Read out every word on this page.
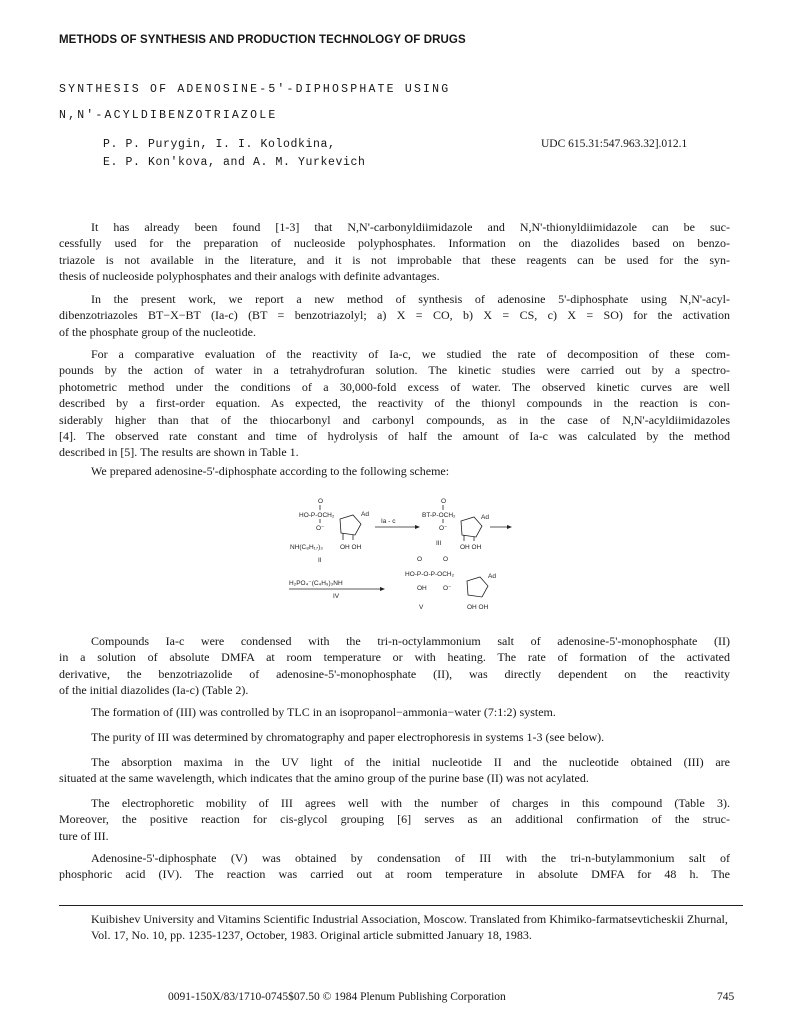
METHODS OF SYNTHESIS AND PRODUCTION TECHNOLOGY OF DRUGS
SYNTHESIS OF ADENOSINE-5'-DIPHOSPHATE USING
N,N'-ACYLDIBENZOTRIAZOLE
P. P. Purygin, I. I. Kolodkina,
E. P. Kon'kova, and A. M. Yurkevich
UDC 615.31:547.963.32].012.1
It has already been found [1-3] that N,N'-carbonyldiimidazole and N,N'-thionyldiimidazole can be suc-
cessfully used for the preparation of nucleoside polyphosphates. Information on the diazolides based on benzo-
triazole is not available in the literature, and it is not improbable that these reagents can be used for the syn-
thesis of nucleoside polyphosphates and their analogs with definite advantages.
In the present work, we report a new method of synthesis of adenosine 5'-diphosphate using N,N'-acyl-
dibenzotriazoles BT−X−BT (Ia-c) (BT = benzotriazolyl; a) X = CO, b) X = CS, c) X = SO) for the activation
of the phosphate group of the nucleotide.
For a comparative evaluation of the reactivity of Ia-c, we studied the rate of decomposition of these com-
pounds by the action of water in a tetrahydrofuran solution. The kinetic studies were carried out by a spectro-
photometric method under the conditions of a 30,000-fold excess of water. The observed kinetic curves are well
described by a first-order equation. As expected, the reactivity of the thionyl compounds in the reaction is con-
siderably higher than that of the thiocarbonyl and carbonyl compounds, as in the case of N,N'-acyldiimidazoles
[4]. The observed rate constant and time of hydrolysis of half the amount of Ia-c was calculated by the method
described in [5]. The results are shown in Table 1.
We prepared adenosine-5'-diphosphate according to the following scheme:
O
HO-P-OCH₂
O⁻
Ad
NH(C₈H₁₇)₃	OH OH
II
Ia - c
O
BT-P-OCH₂
O⁻
Ad
OH OH
III
H₂PO₄⁻(C₄H₉)₃NH
IV
O	O
HO-P-O-P-OCH₂
OH	O⁻
Ad
OH OH
V
Compounds Ia-c were condensed with the tri-n-octylammonium salt of adenosine-5'-monophosphate (II)
in a solution of absolute DMFA at room temperature or with heating. The rate of formation of the activated
derivative, the benzotriazolide of adenosine-5'-monophosphate (II), was directly dependent on the reactivity
of the initial diazolides (Ia-c) (Table 2).
The formation of (III) was controlled by TLC in an isopropanol−ammonia−water (7:1:2) system.
The purity of III was determined by chromatography and paper electrophoresis in systems 1-3 (see below).
The absorption maxima in the UV light of the initial nucleotide II and the nucleotide obtained (III) are
situated at the same wavelength, which indicates that the amino group of the purine base (II) was not acylated.
The electrophoretic mobility of III agrees well with the number of charges in this compound (Table 3).
Moreover, the positive reaction for cis-glycol grouping [6] serves as an additional confirmation of the struc-
ture of III.
Adenosine-5'-diphosphate (V) was obtained by condensation of III with the tri-n-butylammonium salt of
phosphoric acid (IV). The reaction was carried out at room temperature in absolute DMFA for 48 h. The
Kuibishev University and Vitamins Scientific Industrial Association, Moscow. Translated from Khimiko-farmatsevticheskii Zhurnal, Vol. 17, No. 10, pp. 1235-1237, October, 1983. Original article submitted January 18, 1983.
0091-150X/83/1710-0745$07.50 © 1984 Plenum Publishing Corporation	745
